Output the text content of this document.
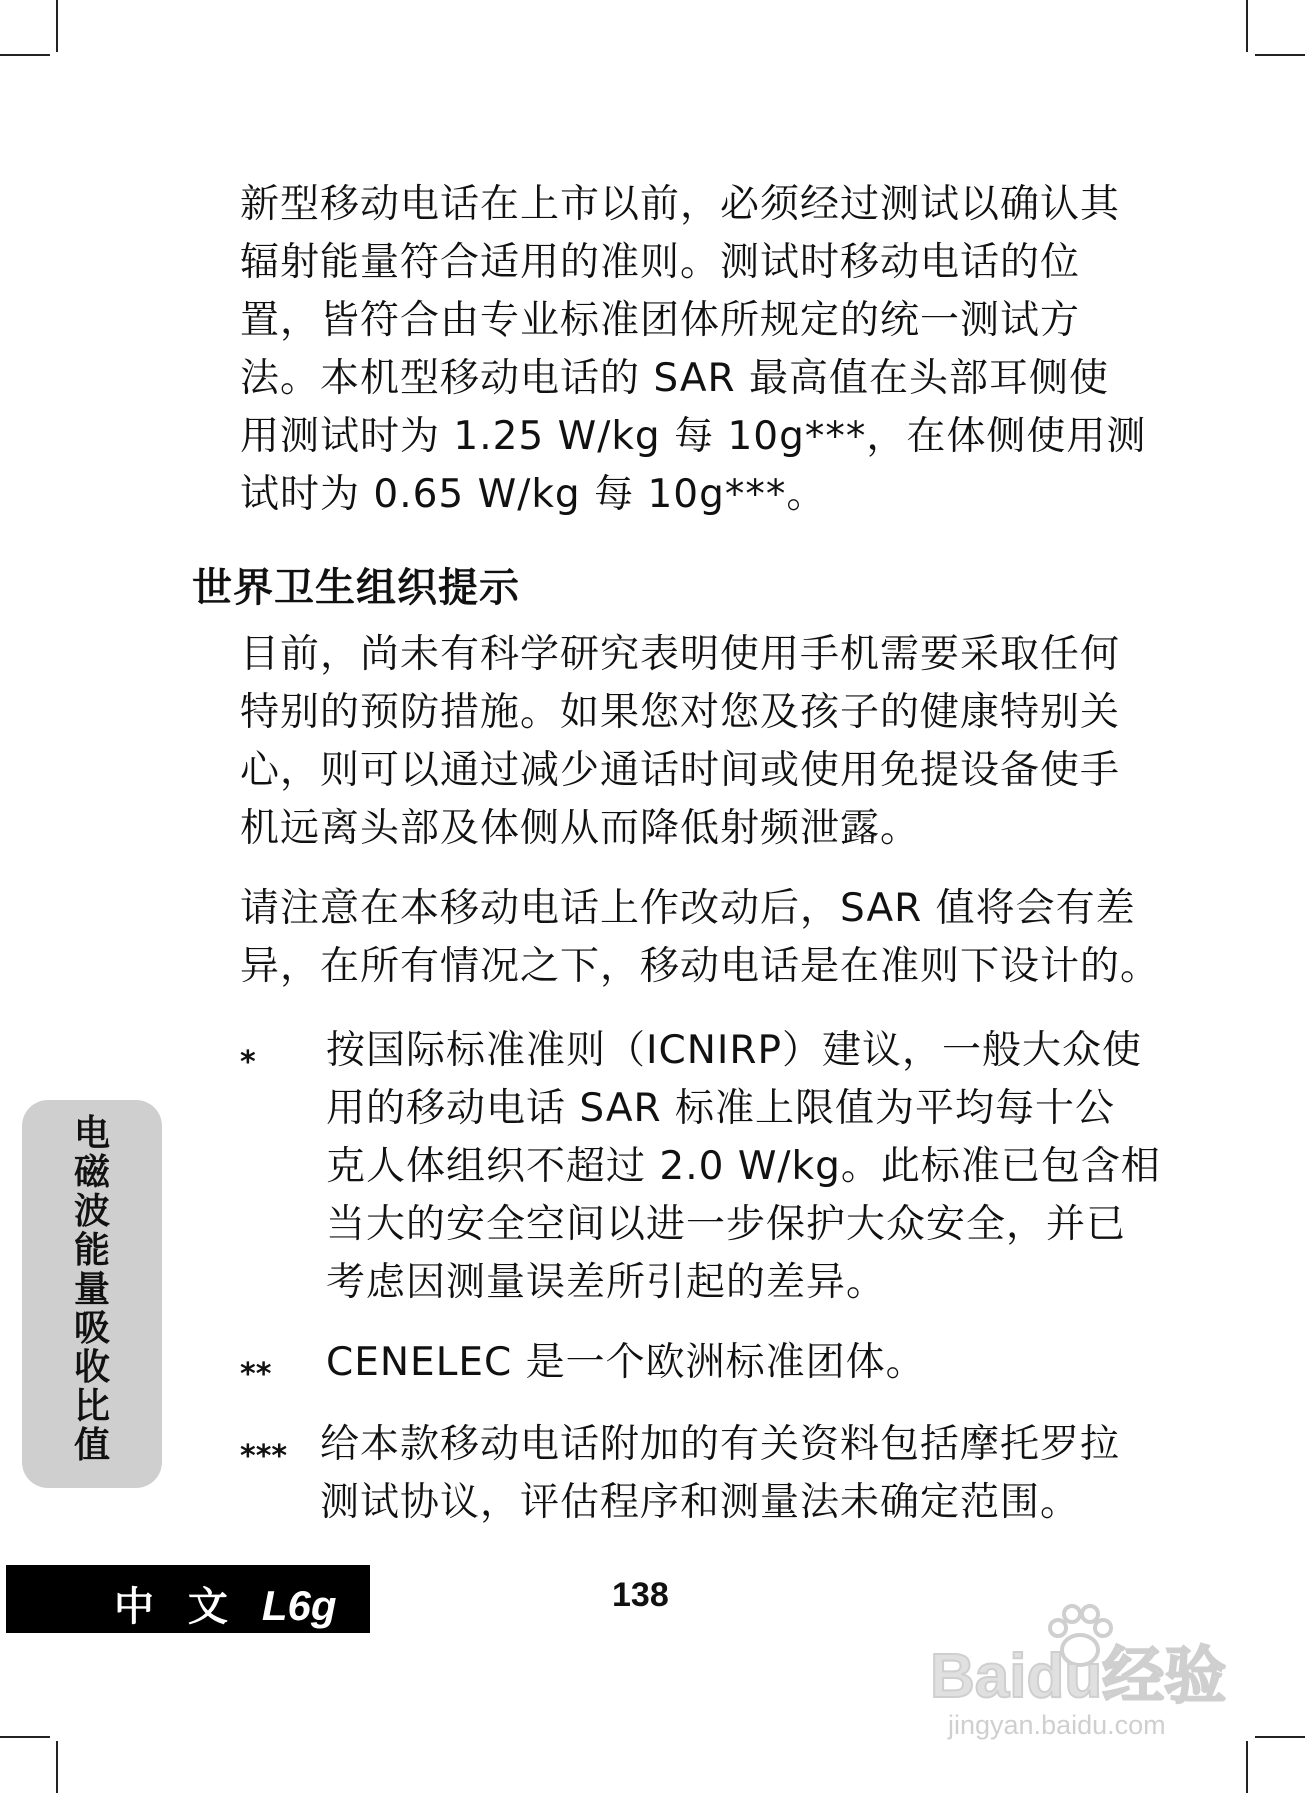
新型移动电话在上市以前，必须经过测试以确认其
辐射能量符合适用的准则。测试时移动电话的位
置，皆符合由专业标准团体所规定的统一测试方
法。本机型移动电话的 SAR 最高值在头部耳侧使
用测试时为 1.25 W/kg 每 10g***，在体侧使用测
试时为 0.65 W/kg 每 10g***。
世界卫生组织提示
目前，尚未有科学研究表明使用手机需要采取任何
特别的预防措施。如果您对您及孩子的健康特别关
心，则可以通过减少通话时间或使用免提设备使手
机远离头部及体侧从而降低射频泄露。
请注意在本移动电话上作改动后，SAR 值将会有差
异，在所有情况之下，移动电话是在准则下设计的。
* 按国际标准准则（ICNIRP）建议，一般大众使
用的移动电话 SAR 标准上限值为平均每十公
克人体组织不超过 2.0 W/kg。此标准已包含相
当大的安全空间以进一步保护大众安全，并已
考虑因测量误差所引起的差异。
** CENELEC 是一个欧洲标准团体。
*** 给本款移动电话附加的有关资料包括摩托罗拉
测试协议，评估程序和测量法未确定范围。
电
磁
波
能
量
吸
收
比
值
中 文 L6g	138
Baidu经验
jingyan.baidu.com
